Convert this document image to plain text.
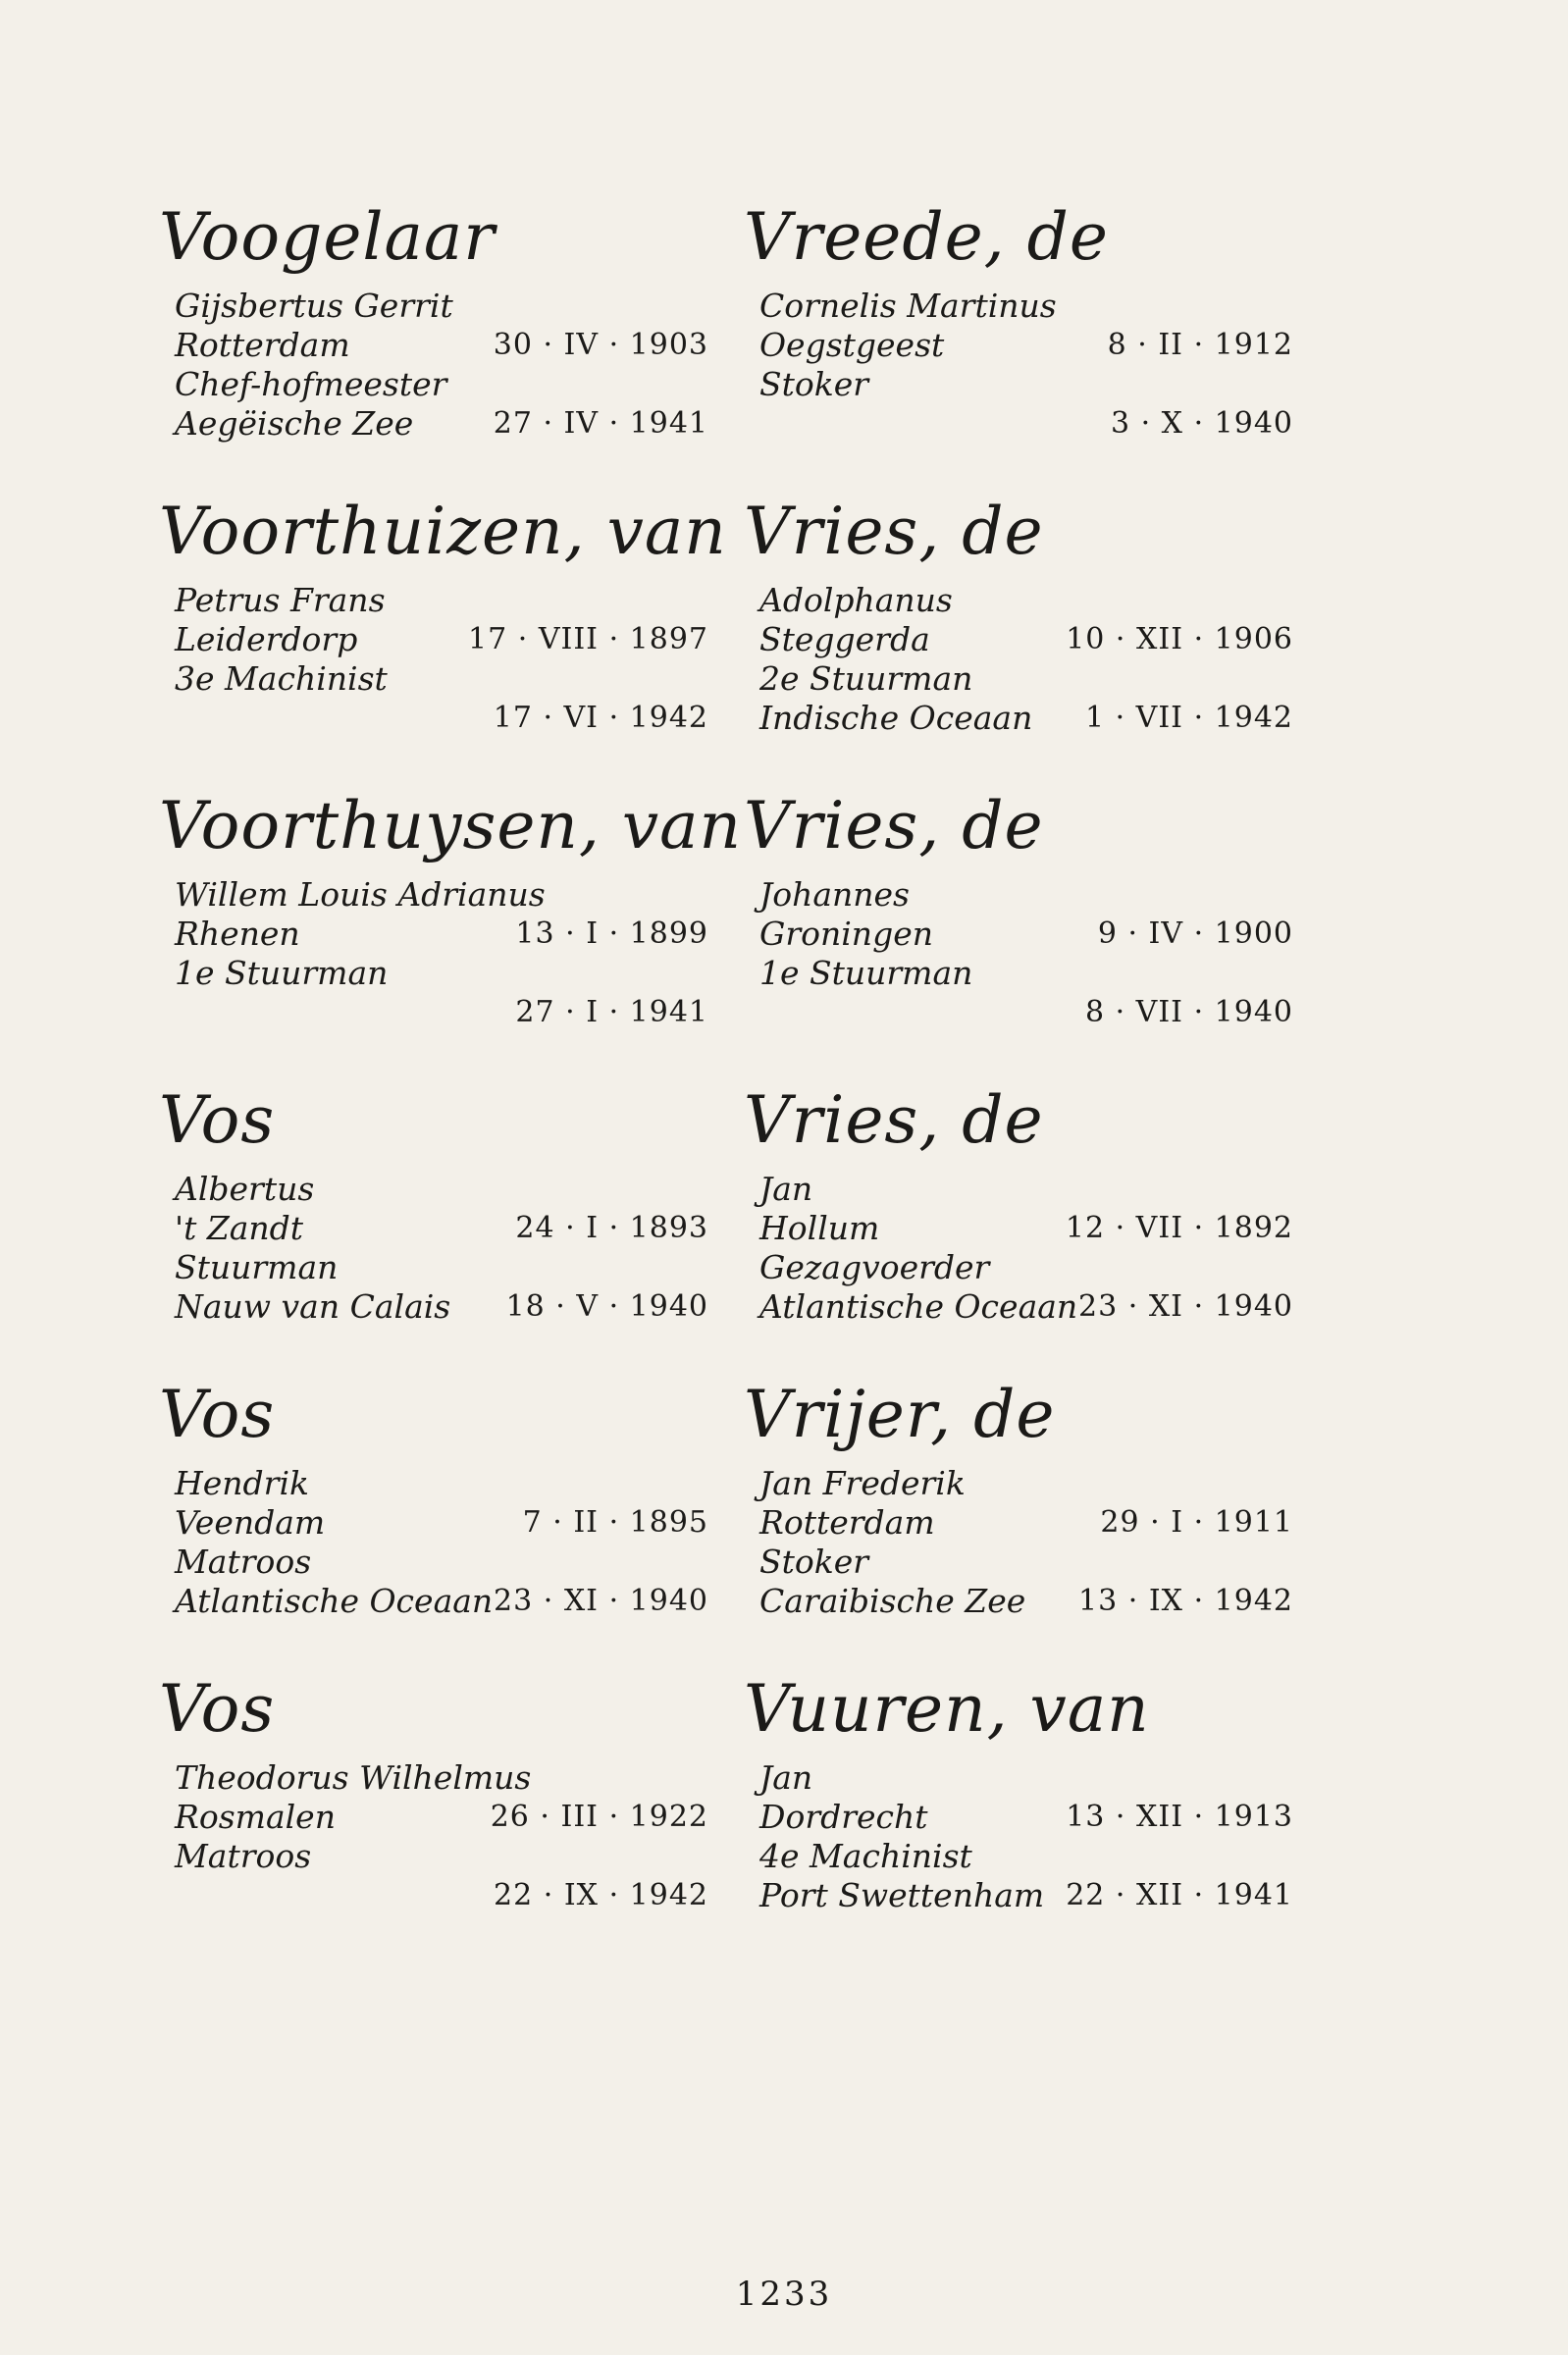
Voogelaar
Gijsbertus Gerrit
Rotterdam	30 · IV · 1903
Chef-hofmeester
Aegëische Zee	27 · IV · 1941
Voorthuizen, van
Petrus Frans
Leiderdorp	17 · VIII · 1897
3e Machinist
17 · VI · 1942
Voorthuysen, van
Willem Louis Adrianus
Rhenen	13 · I · 1899
1e Stuurman
27 · I · 1941
Vos
Albertus
't Zandt	24 · I · 1893
Stuurman
Nauw van Calais 18 · V · 1940
Vos
Hendrik
Veendam	7 · II · 1895
Matroos
Atlantische Oceaan 23 · XI · 1940
Vos
Theodorus Wilhelmus
Rosmalen	26 · III · 1922
Matroos
22 · IX · 1942
Vreede, de
Cornelis Martinus
Oegstgeest	8 · II · 1912
Stoker
3 · X · 1940
Vries, de
Adolphanus
Steggerda	10 · XII · 1906
2e Stuurman
Indische Oceaan 1 · VII · 1942
Vries, de
Johannes
Groningen	9 · IV · 1900
1e Stuurman
8 · VII · 1940
Vries, de
Jan
Hollum	12 · VII · 1892
Gezagvoerder
Atlantische Oceaan 23 · XI · 1940
Vrijer, de
Jan Frederik
Rotterdam	29 · I · 1911
Stoker
Caraibische Zee 13 · IX · 1942
Vuuren, van
Jan
Dordrecht	13 · XII · 1913
4e Machinist
Port Swettenham 22 · XII · 1941
1233
